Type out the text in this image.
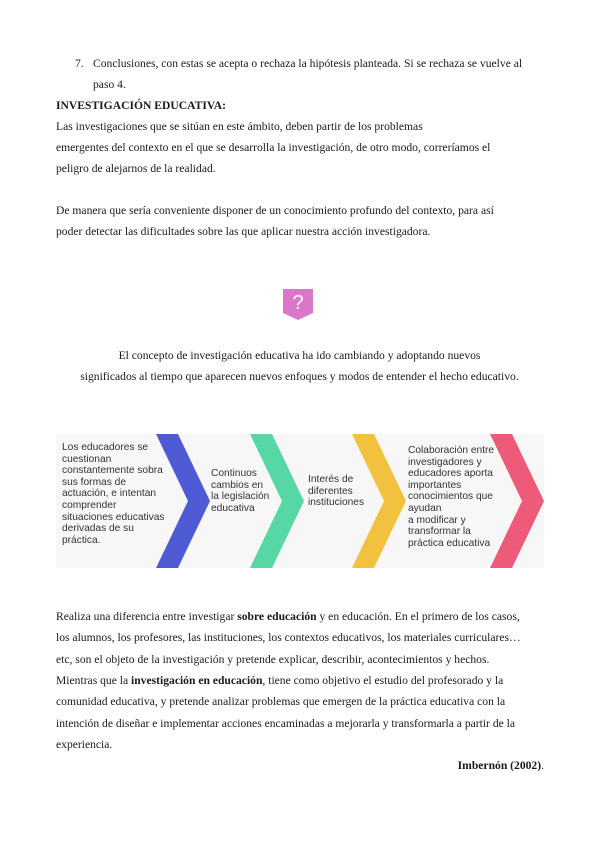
7. Conclusiones, con estas se acepta o rechaza la hipótesis planteada. Si se rechaza se vuelve al
paso 4.
INVESTIGACIÓN EDUCATIVA:
Las investigaciones que se sitúan en este ámbito, deben partir de los problemas
emergentes del contexto en el que se desarrolla la investigación, de otro modo, correríamos el
peligro de alejarnos de la realidad.
De manera que sería conveniente disponer de un conocimiento profundo del contexto, para así
poder detectar las dificultades sobre las que aplicar nuestra acción investigadora.
?
El concepto de investigación educativa ha ido cambiando y adoptando nuevos
significados al tiempo que aparecen nuevos enfoques y modos de entender el hecho educativo.
Los educadores se
cuestionan
constantemente sobra
sus formas de
actuación, e intentan
comprender
situaciones educativas
derivadas de su
práctica.
Continuos
cambios en
la legislación
educativa
Interés de
diferentes
instituciones
Colaboración entre
investigadores y
educadores aporta
importantes
conocimientos que
ayudan
a modificar y
transformar la
práctica educativa
Realiza una diferencia entre investigar sobre educación y en educación. En el primero de los casos,
los alumnos, los profesores, las instituciones, los contextos educativos, los materiales curriculares…
etc, son el objeto de la investigación y pretende explicar, describir, acontecimientos y hechos.
Mientras que la investigación en educación, tiene como objetivo el estudio del profesorado y la
comunidad educativa, y pretende analizar problemas que emergen de la práctica educativa con la
intención de diseñar e implementar acciones encaminadas a mejorarla y transformarla a partir de la
experiencia.
Imbernón (2002).
